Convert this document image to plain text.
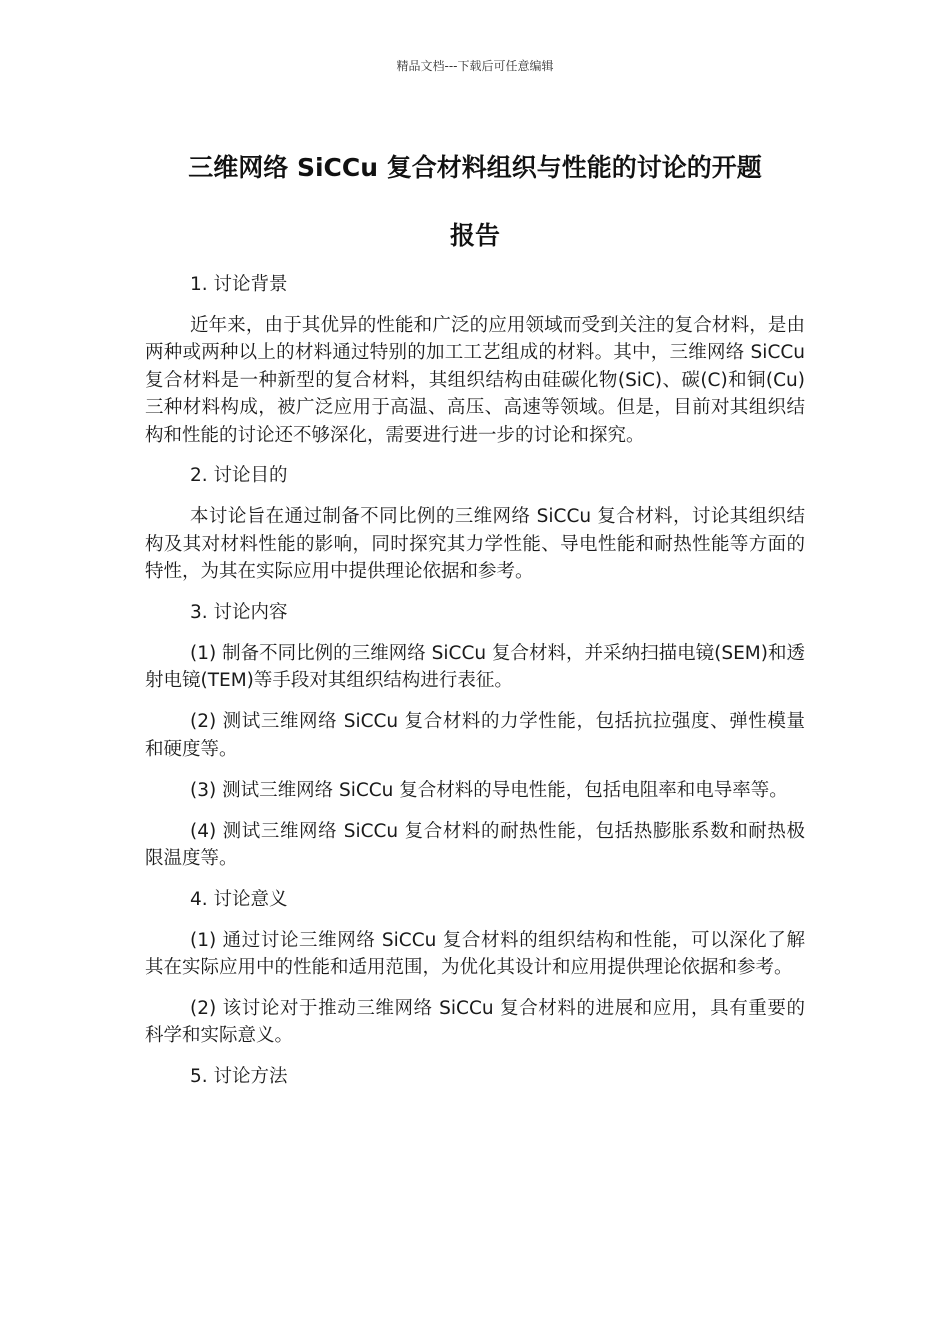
精品文档---下载后可任意编辑
三维网络 SiCCu 复合材料组织与性能的讨论的开题
报告

1. 讨论背景

近年来，由于其优异的性能和广泛的应用领域而受到关注的复合材料，是由两种或两种以上的材料通过特别的加工工艺组成的材料。其中，三维网络 SiCCu 复合材料是一种新型的复合材料，其组织结构由硅碳化物(SiC)、碳(C)和铜(Cu)三种材料构成，被广泛应用于高温、高压、高速等领域。但是，目前对其组织结构和性能的讨论还不够深化，需要进行进一步的讨论和探究。

2. 讨论目的

本讨论旨在通过制备不同比例的三维网络 SiCCu 复合材料，讨论其组织结构及其对材料性能的影响，同时探究其力学性能、导电性能和耐热性能等方面的特性，为其在实际应用中提供理论依据和参考。

3. 讨论内容

(1) 制备不同比例的三维网络 SiCCu 复合材料，并采纳扫描电镜(SEM)和透射电镜(TEM)等手段对其组织结构进行表征。

(2) 测试三维网络 SiCCu 复合材料的力学性能，包括抗拉强度、弹性模量和硬度等。

(3) 测试三维网络 SiCCu 复合材料的导电性能，包括电阻率和电导率等。

(4) 测试三维网络 SiCCu 复合材料的耐热性能，包括热膨胀系数和耐热极限温度等。

4. 讨论意义

(1) 通过讨论三维网络 SiCCu 复合材料的组织结构和性能，可以深化了解其在实际应用中的性能和适用范围，为优化其设计和应用提供理论依据和参考。

(2) 该讨论对于推动三维网络 SiCCu 复合材料的进展和应用，具有重要的科学和实际意义。

5. 讨论方法
